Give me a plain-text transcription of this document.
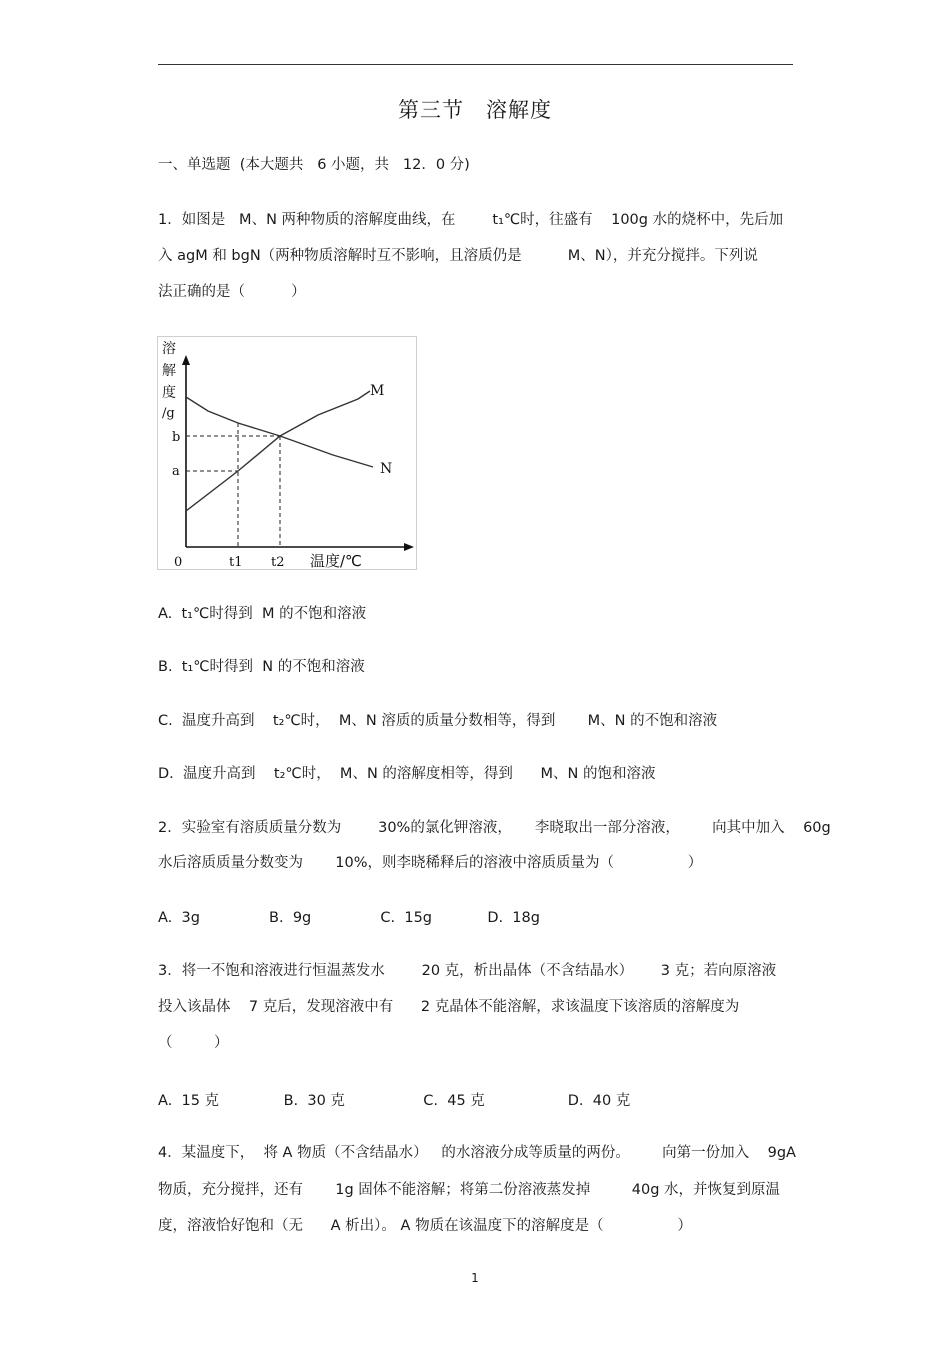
第三节　溶解度
一、单选题  (本大题共   6 小题，共   12．0 分)
1．如图是   M、N 两种物质的溶解度曲线，在        t₁℃时，往盛有    100g 水的烧杯中，先后加
入 agM 和 bgN（两种物质溶解时互不影响，且溶质仍是          M、N），并充分搅拌。下列说
法正确的是（          ）
溶
解
度
/g
b
a
0	t1 t2 温度/℃
M
N
A.  t₁℃时得到  M 的不饱和溶液
B.  t₁℃时得到  N 的不饱和溶液
C.  温度升高到    t₂℃时，  M、N 溶质的质量分数相等，得到       M、N 的不饱和溶液
D.  温度升高到    t₂℃时，  M、N 的溶解度相等，得到      M、N 的饱和溶液
2．实验室有溶质质量分数为        30%的氯化钾溶液，     李晓取出一部分溶液，       向其中加入    60g
水后溶质质量分数变为       10%，则李晓稀释后的溶液中溶质质量为（                ）
A.  3g               B.  9g               C.  15g            D.  18g
3．将一不饱和溶液进行恒温蒸发水        20 克，析出晶体（不含结晶水）      3 克；若向原溶液
投入该晶体    7 克后，发现溶液中有      2 克晶体不能溶解，求该温度下该溶质的溶解度为
（         ）
A.  15 克              B.  30 克                 C.  45 克                  D.  40 克
4．某温度下，  将 A 物质（不含结晶水）   的水溶液分成等质量的两份。       向第一份加入    9gA
物质，充分搅拌，还有       1g 固体不能溶解；将第二份溶液蒸发掉         40g 水，并恢复到原温
度，溶液恰好饱和（无      A 析出）。 A 物质在该温度下的溶解度是（                ）
1
